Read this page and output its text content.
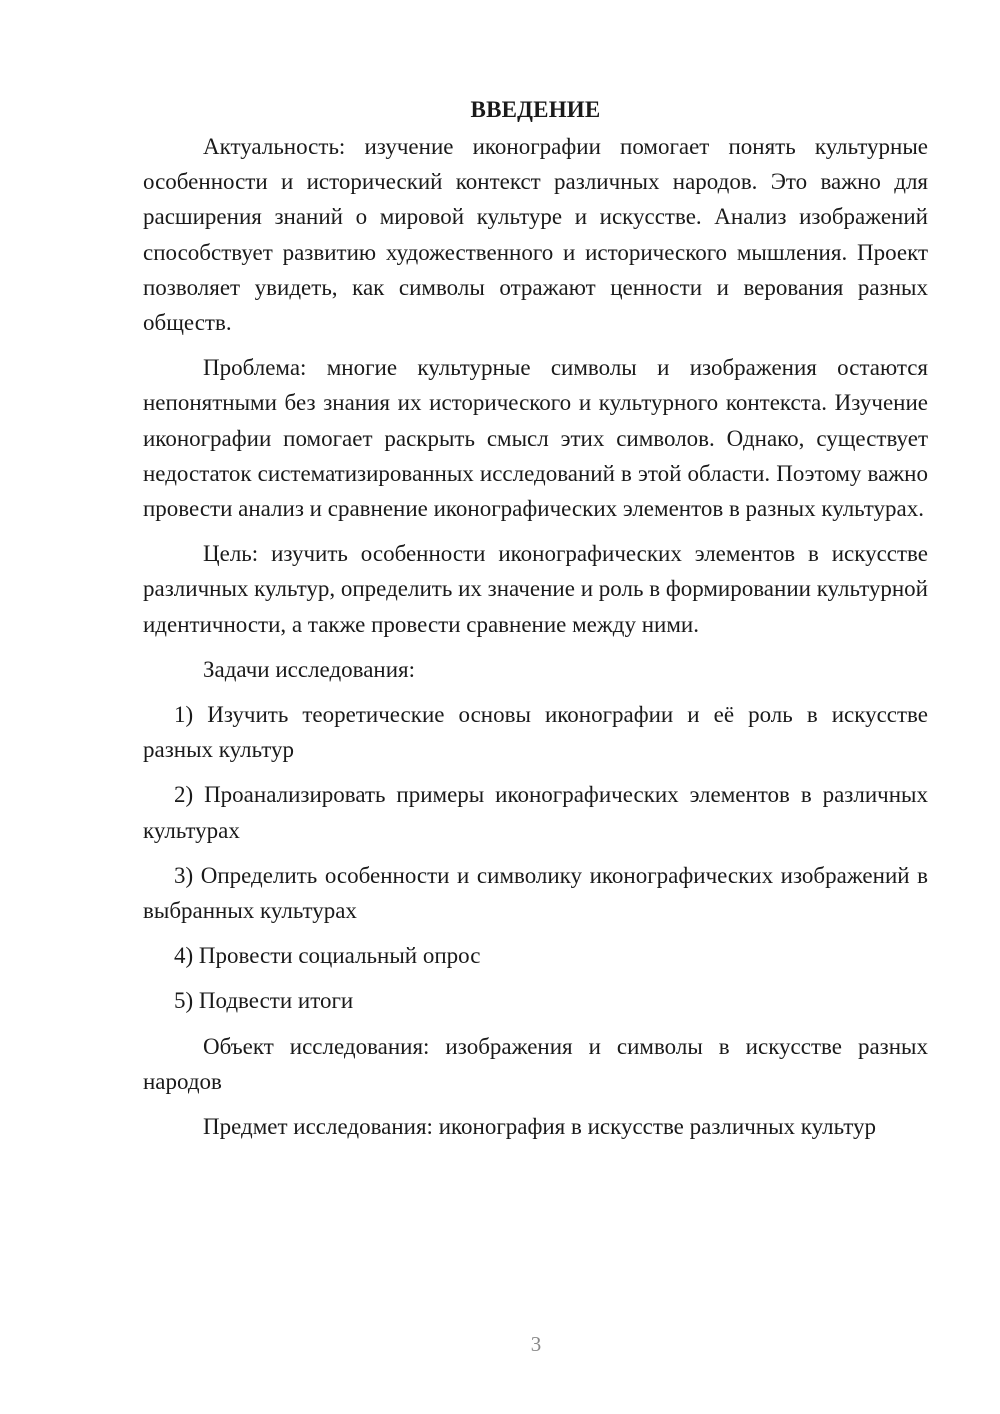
ВВЕДЕНИЕ

Актуальность: изучение иконографии помогает понять культурные особенности и исторический контекст различных народов. Это важно для расширения знаний о мировой культуре и искусстве. Анализ изображений способствует развитию художественного и исторического мышления. Проект позволяет увидеть, как символы отражают ценности и верования разных обществ.

Проблема: многие культурные символы и изображения остаются непонятными без знания их исторического и культурного контекста. Изучение иконографии помогает раскрыть смысл этих символов. Однако, существует недостаток систематизированных исследований в этой области. Поэтому важно провести анализ и сравнение иконографических элементов в разных культурах.

Цель: изучить особенности иконографических элементов в искусстве различных культур, определить их значение и роль в формировании культурной идентичности, а также провести сравнение между ними.

Задачи исследования:

1) Изучить теоретические основы иконографии и её роль в искусстве разных культур

2) Проанализировать примеры иконографических элементов в различных культурах

3) Определить особенности и символику иконографических изображений в выбранных культурах

4) Провести социальный опрос

5) Подвести итоги

Объект исследования: изображения и символы в искусстве разных народов

Предмет исследования: иконография в искусстве различных культур

3
